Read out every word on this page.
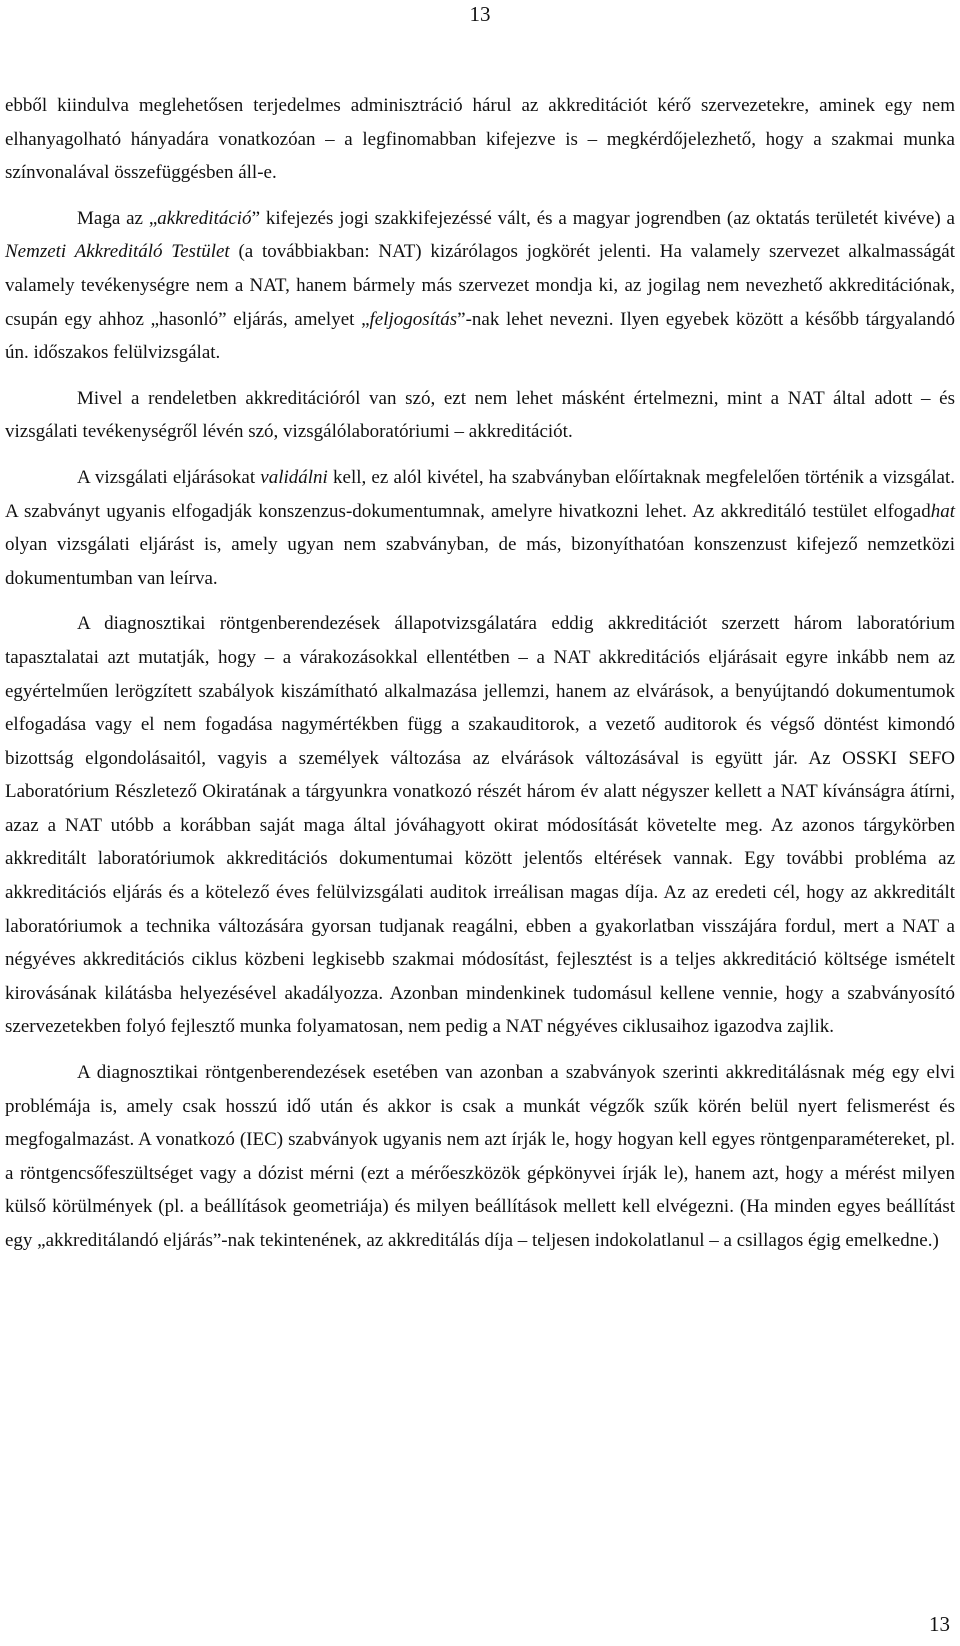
13

ebből kiindulva meglehetősen terjedelmes adminisztráció hárul az akkreditációt kérő szervezetekre, aminek egy nem elhanyagolható hányadára vonatkozóan – a legfinomabban kifejezve is – megkérdőjelezhető, hogy a szakmai munka színvonalával összefüggésben áll-e.

Maga az „akkreditáció” kifejezés jogi szakkifejezéssé vált, és a magyar jogrendben (az oktatás területét kivéve) a Nemzeti Akkreditáló Testület (a továbbiakban: NAT) kizárólagos jogkörét jelenti. Ha valamely szervezet alkalmasságát valamely tevékenységre nem a NAT, hanem bármely más szervezet mondja ki, az jogilag nem nevezhető akkreditációnak, csupán egy ahhoz „hasonló” eljárás, amelyet „feljogosítás”-nak lehet nevezni. Ilyen egyebek között a később tárgyalandó ún. időszakos felülvizsgálat.

Mivel a rendeletben akkreditációról van szó, ezt nem lehet másként értelmezni, mint a NAT által adott – és vizsgálati tevékenységről lévén szó, vizsgálólaboratóriumi – akkreditációt.

A vizsgálati eljárásokat validálni kell, ez alól kivétel, ha szabványban előírtaknak megfelelően történik a vizsgálat. A szabványt ugyanis elfogadják konszenzus-dokumentumnak, amelyre hivatkozni lehet. Az akkreditáló testület elfogadhat olyan vizsgálati eljárást is, amely ugyan nem szabványban, de más, bizonyíthatóan konszenzust kifejező nemzetközi dokumentumban van leírva.

A diagnosztikai röntgenberendezések állapotvizsgálatára eddig akkreditációt szerzett három laboratórium tapasztalatai azt mutatják, hogy – a várakozásokkal ellentétben – a NAT akkreditációs eljárásait egyre inkább nem az egyértelműen lerögzített szabályok kiszámítható alkalmazása jellemzi, hanem az elvárások, a benyújtandó dokumentumok elfogadása vagy el nem fogadása nagymértékben függ a szakauditorok, a vezető auditorok és végső döntést kimondó bizottság elgondolásaitól, vagyis a személyek változása az elvárások változásával is együtt jár. Az OSSKI SEFO Laboratórium Részletező Okiratának a tárgyunkra vonatkozó részét három év alatt négyszer kellett a NAT kívánságra átírni, azaz a NAT utóbb a korábban saját maga által jóváhagyott okirat módosítását követelte meg. Az azonos tárgykörben akkreditált laboratóriumok akkreditációs dokumentumai között jelentős eltérések vannak. Egy további probléma az akkreditációs eljárás és a kötelező éves felülvizsgálati auditok irreálisan magas díja. Az az eredeti cél, hogy az akkreditált laboratóriumok a technika változására gyorsan tudjanak reagálni, ebben a gyakorlatban visszájára fordul, mert a NAT a négyéves akkreditációs ciklus közbeni legkisebb szakmai módosítást, fejlesztést is a teljes akkreditáció költsége ismételt kirovásának kilátásba helyezésével akadályozza. Azonban mindenkinek tudomásul kellene vennie, hogy a szabványosító szervezetekben folyó fejlesztő munka folyamatosan, nem pedig a NAT négyéves ciklusaihoz igazodva zajlik.

A diagnosztikai röntgenberendezések esetében van azonban a szabványok szerinti akkreditálásnak még egy elvi problémája is, amely csak hosszú idő után és akkor is csak a munkát végzők szűk körén belül nyert felismerést és megfogalmazást. A vonatkozó (IEC) szabványok ugyanis nem azt írják le, hogy hogyan kell egyes röntgenparamétereket, pl. a röntgencsőfeszültséget vagy a dózist mérni (ezt a mérőeszközök gépkönyvei írják le), hanem azt, hogy a mérést milyen külső körülmények (pl. a beállítások geometriája) és milyen beállítások mellett kell elvégezni. (Ha minden egyes beállítást egy „akkreditálandó eljárás”-nak tekintenének, az akkreditálás díja – teljesen indokolatlanul – a csillagos égig emelkedne.)

13
